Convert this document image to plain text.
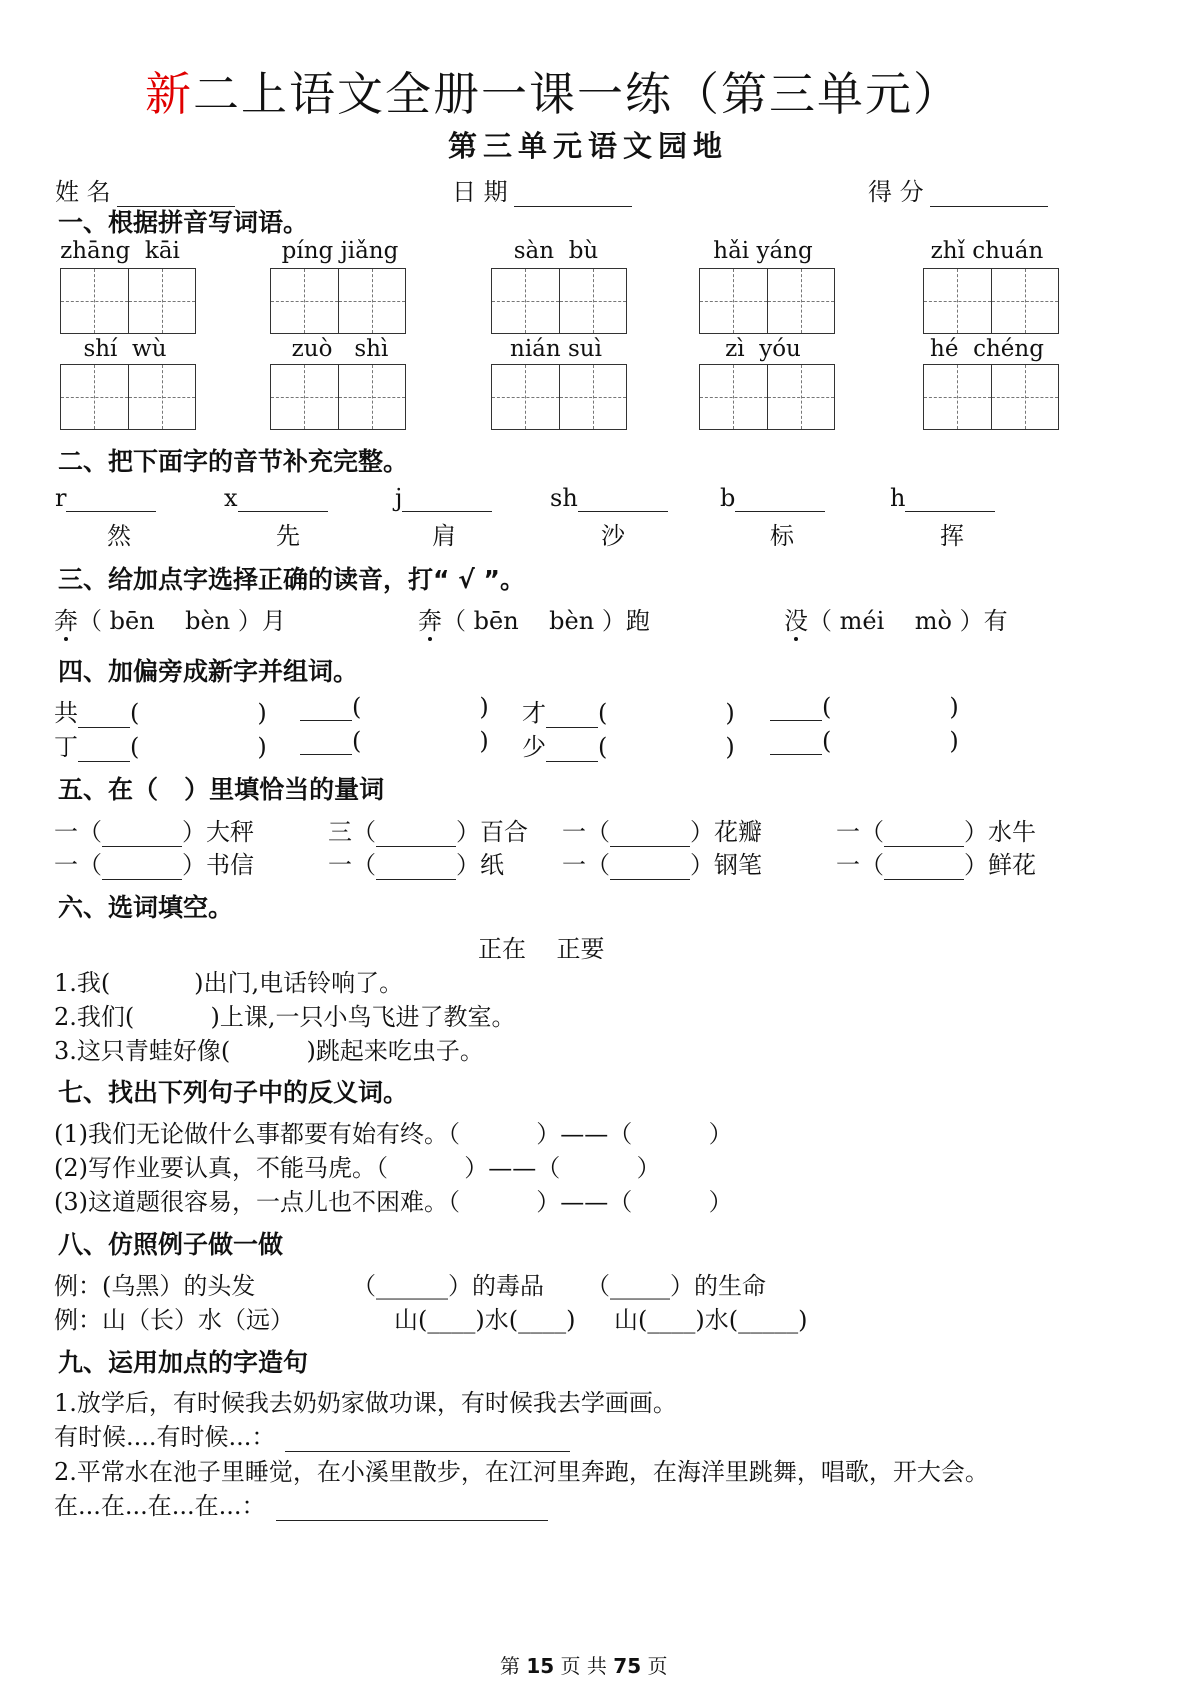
新二上语文全册一课一练（第三单元）
第三单元语文园地
姓 名	日 期	得 分
一、根据拼音写词语。
zhāng  kāi	píng jiǎng	sàn  bù	hǎi yáng	zhǐ chuán
shí  wù	zuò   shì	nián suì	zì  yóu	hé  chéng
二、把下面字的音节补充完整。
r	x	j	sh	b	h
然	先	肩	沙	标	挥
三、给加点字选择正确的读音，打“ √ ”。
奔（ bēn    bèn ）月	奔（ bēn    bèn ）跑	没（ méi    mò ）有
四、加偏旁成新字并组词。
共 (	)	(	) 才 (	)	(	)
丁 (	)	(	) 少 (	)	(	)
五、在（   ）里填恰当的量词
一（	）大秤	三（	）百合 一（	）花瓣	一（	）水牛
一（	）书信	一（	）纸 一（	）钢笔	一（	）鲜花
六、选词填空。
正在    正要
1.我(           )出门,电话铃响了。
2.我们(          )上课,一只小鸟飞进了教室。
3.这只青蛙好像(          )跳起来吃虫子。
七、找出下列句子中的反义词。
(1)我们无论做什么事都要有始有终。（          ）——（          ）
(2)写作业要认真，不能马虎。（          ）——（          ）
(3)这道题很容易，一点儿也不困难。（          ）——（          ）
八、仿照例子做一做
例：(乌黑）的头发	（______）的毒品 （_____）的生命
例：山（长）水（远）	山(____)水(____) 山(____)水(_____)
九、运用加点的字造句
1.放学后，有时候我去奶奶家做功课，有时候我去学画画。
有时候....有时候...：
2.平常水在池子里睡觉，在小溪里散步，在江河里奔跑，在海洋里跳舞，唱歌，开大会。
在...在...在...在...：
第 15 页 共 75 页
